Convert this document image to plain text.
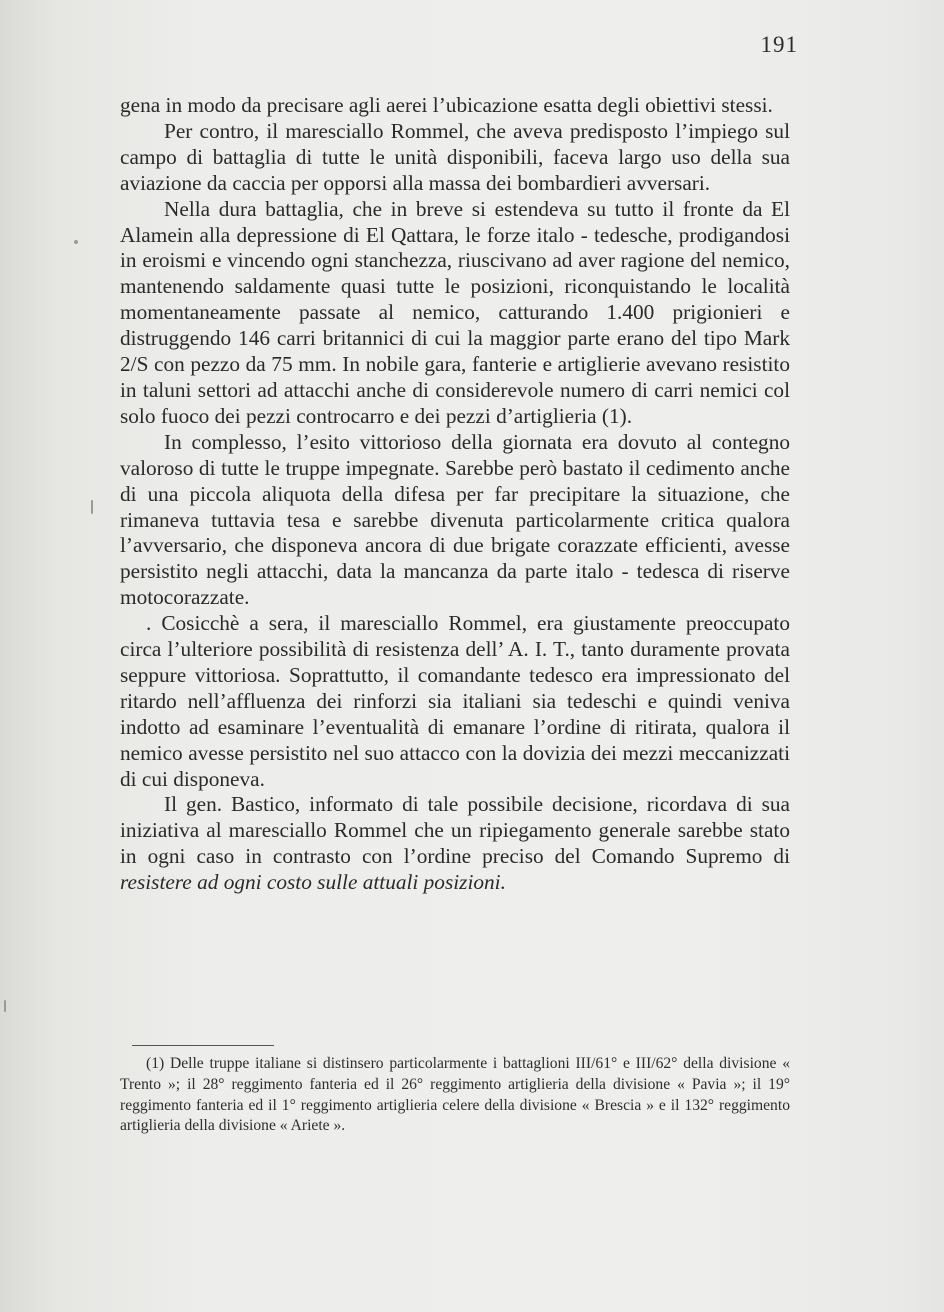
191

gena in modo da precisare agli aerei l’ubicazione esatta degli obiettivi stessi.

Per contro, il maresciallo Rommel, che aveva predisposto l’impiego sul campo di battaglia di tutte le unità disponibili, faceva largo uso della sua aviazione da caccia per opporsi alla massa dei bombardieri avversari.

Nella dura battaglia, che in breve si estendeva su tutto il fronte da El Alamein alla depressione di El Qattara, le forze italo - tedesche, prodigandosi in eroismi e vincendo ogni stanchezza, riuscivano ad aver ragione del nemico, mantenendo saldamente quasi tutte le posizioni, riconquistando le località momentaneamente passate al nemico, catturando 1.400 prigionieri e distruggendo 146 carri britannici di cui la maggior parte erano del tipo Mark 2/S con pezzo da 75 mm. In nobile gara, fanterie e artiglierie avevano resistito in taluni settori ad attacchi anche di considerevole numero di carri nemici col solo fuoco dei pezzi controcarro e dei pezzi d’artiglieria (1).

In complesso, l’esito vittorioso della giornata era dovuto al contegno valoroso di tutte le truppe impegnate. Sarebbe però bastato il cedimento anche di una piccola aliquota della difesa per far precipitare la situazione, che rimaneva tuttavia tesa e sarebbe divenuta particolarmente critica qualora l’avversario, che disponeva ancora di due brigate corazzate efficienti, avesse persistito negli attacchi, data la mancanza da parte italo - tedesca di riserve motocorazzate.

. Cosicchè a sera, il maresciallo Rommel, era giustamente preoccupato circa l’ulteriore possibilità di resistenza dell’ A. I. T., tanto duramente provata seppure vittoriosa. Soprattutto, il comandante tedesco era impressionato del ritardo nell’affluenza dei rinforzi sia italiani sia tedeschi e quindi veniva indotto ad esaminare l’eventualità di emanare l’ordine di ritirata, qualora il nemico avesse persistito nel suo attacco con la dovizia dei mezzi meccanizzati di cui disponeva.

Il gen. Bastico, informato di tale possibile decisione, ricordava di sua iniziativa al maresciallo Rommel che un ripiegamento generale sarebbe stato in ogni caso in contrasto con l’ordine preciso del Comando Supremo di resistere ad ogni costo sulle attuali posizioni.

(1) Delle truppe italiane si distinsero particolarmente i battaglioni III/61° e III/62° della divisione « Trento »; il 28° reggimento fanteria ed il 26° reggimento artiglieria della divisione « Pavia »; il 19° reggimento fanteria ed il 1° reggimento artiglieria celere della divisione « Brescia » e il 132° reggimento artiglieria della divisione « Ariete ».
